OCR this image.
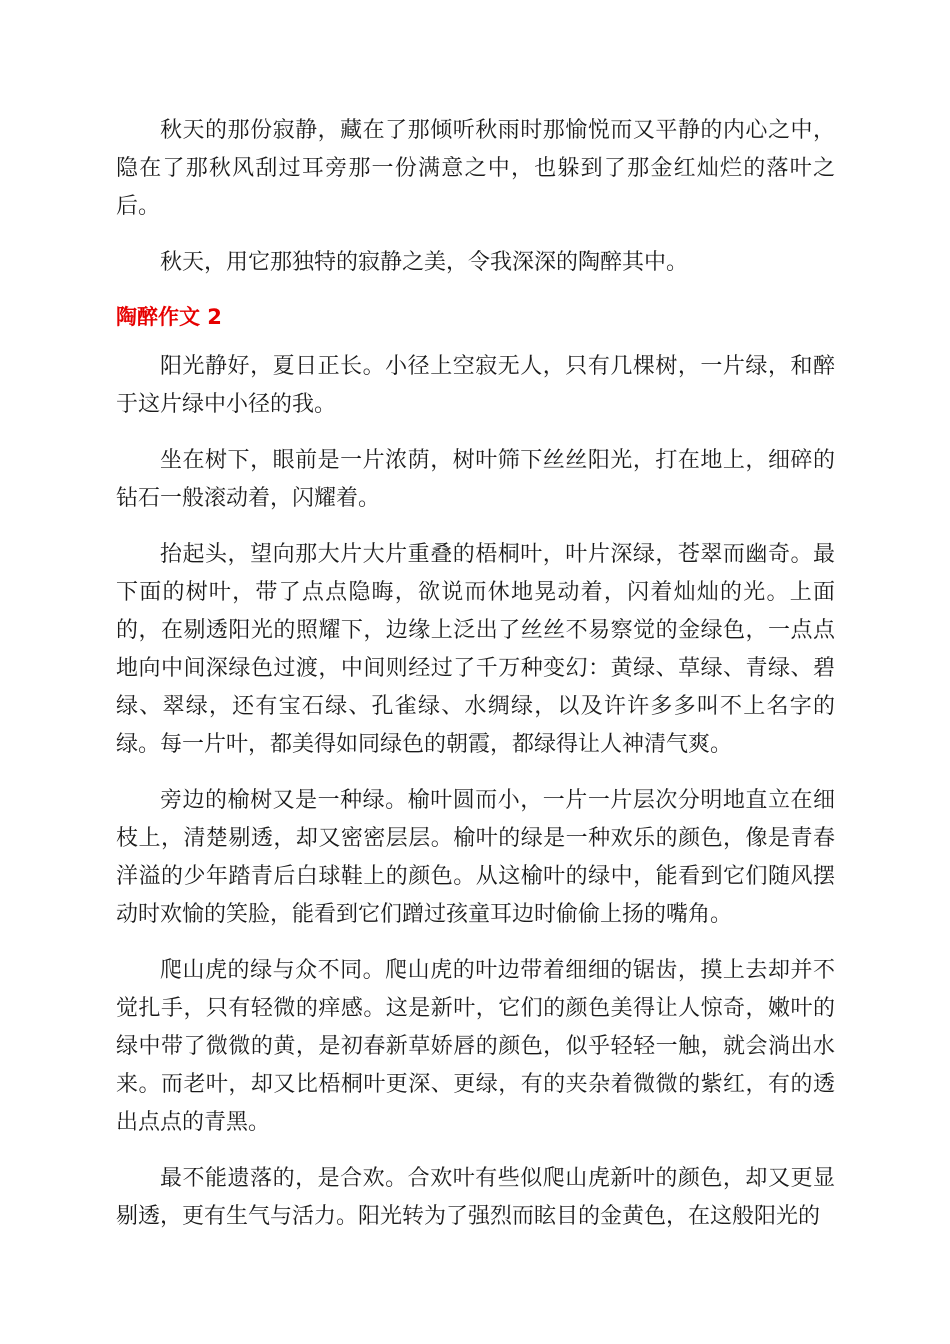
秋天的那份寂静，藏在了那倾听秋雨时那愉悦而又平静的内心之中，隐在了那秋风刮过耳旁那一份满意之中，也躲到了那金红灿烂的落叶之后。

秋天，用它那独特的寂静之美，令我深深的陶醉其中。

陶醉作文 2

阳光静好，夏日正长。小径上空寂无人，只有几棵树，一片绿，和醉于这片绿中小径的我。

坐在树下，眼前是一片浓荫，树叶筛下丝丝阳光，打在地上，细碎的钻石一般滚动着，闪耀着。

抬起头，望向那大片大片重叠的梧桐叶，叶片深绿，苍翠而幽奇。最下面的树叶，带了点点隐晦，欲说而休地晃动着，闪着灿灿的光。上面的，在剔透阳光的照耀下，边缘上泛出了丝丝不易察觉的金绿色，一点点地向中间深绿色过渡，中间则经过了千万种变幻：黄绿、草绿、青绿、碧绿、翠绿，还有宝石绿、孔雀绿、水绸绿，以及许许多多叫不上名字的绿。每一片叶，都美得如同绿色的朝霞，都绿得让人神清气爽。

旁边的榆树又是一种绿。榆叶圆而小，一片一片层次分明地直立在细枝上，清楚剔透，却又密密层层。榆叶的绿是一种欢乐的颜色，像是青春洋溢的少年踏青后白球鞋上的颜色。从这榆叶的绿中，能看到它们随风摆动时欢愉的笑脸，能看到它们蹭过孩童耳边时偷偷上扬的嘴角。

爬山虎的绿与众不同。爬山虎的叶边带着细细的锯齿，摸上去却并不觉扎手，只有轻微的痒感。这是新叶，它们的颜色美得让人惊奇，嫩叶的绿中带了微微的黄，是初春新草娇唇的颜色，似乎轻轻一触，就会淌出水来。而老叶，却又比梧桐叶更深、更绿，有的夹杂着微微的紫红，有的透出点点的青黑。

最不能遗落的，是合欢。合欢叶有些似爬山虎新叶的颜色，却又更显剔透，更有生气与活力。阳光转为了强烈而眩目的金黄色，在这般阳光的
